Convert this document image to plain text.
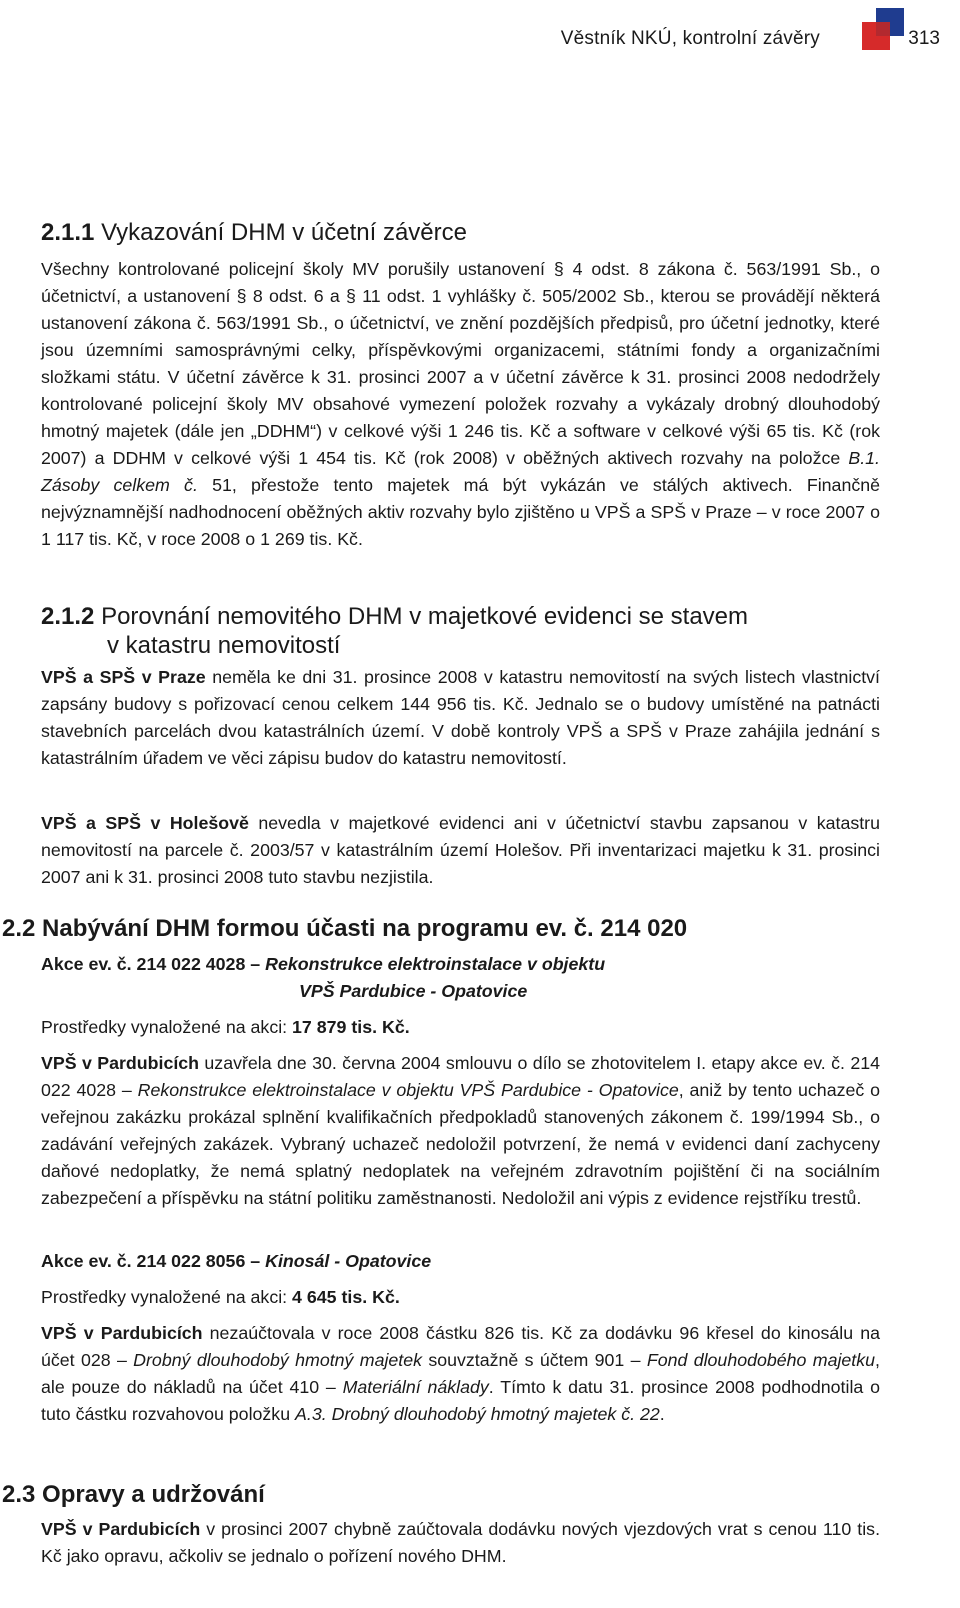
Věstník NKÚ, kontrolní závěry	313
2.1.1 Vykazování DHM v účetní závěrce

Všechny kontrolované policejní školy MV porušily ustanovení § 4 odst. 8 zákona č. 563/1991 Sb., o účetnictví, a ustanovení § 8 odst. 6 a § 11 odst. 1 vyhlášky č. 505/2002 Sb., kterou se provádějí některá ustanovení zákona č. 563/1991 Sb., o účetnictví, ve znění pozdějších předpisů, pro účetní jednotky, které jsou územními samosprávnými celky, příspěvkovými organizacemi, státními fondy a organizačními složkami státu. V účetní závěrce k 31. prosinci 2007 a v účetní závěrce k 31. prosinci 2008 nedodržely kontrolované policejní školy MV obsahové vymezení položek rozvahy a vykázaly drobný dlouhodobý hmotný majetek (dále jen „DDHM“) v celkové výši 1 246 tis. Kč a software v celkové výši 65 tis. Kč (rok 2007) a DDHM v celkové výši 1 454 tis. Kč (rok 2008) v oběžných aktivech rozvahy na položce B.1. Zásoby celkem č. 51, přestože tento majetek má být vykázán ve stálých aktivech. Finančně nejvýznamnější nadhodnocení oběžných aktiv rozvahy bylo zjištěno u VPŠ a SPŠ v Praze – v roce 2007 o 1 117 tis. Kč, v roce 2008 o 1 269 tis. Kč.

2.1.2 Porovnání nemovitého DHM v majetkové evidenci se stavem
v katastru nemovitostí

VPŠ a SPŠ v Praze neměla ke dni 31. prosince 2008 v katastru nemovitostí na svých listech vlastnictví zapsány budovy s pořizovací cenou celkem 144 956 tis. Kč. Jednalo se o budovy umístěné na patnácti stavebních parcelách dvou katastrálních území. V době kontroly VPŠ a SPŠ v Praze zahájila jednání s katastrálním úřadem ve věci zápisu budov do katastru nemovitostí.

VPŠ a SPŠ v Holešově nevedla v majetkové evidenci ani v účetnictví stavbu zapsanou v katastru nemovitostí na parcele č. 2003/57 v katastrálním území Holešov. Při inventarizaci majetku k 31. prosinci 2007 ani k 31. prosinci 2008 tuto stavbu nezjistila.

2.2 Nabývání DHM formou účasti na programu ev. č. 214 020

Akce ev. č. 214 022 4028 – Rekonstrukce elektroinstalace v objektu
VPŠ Pardubice - Opatovice

Prostředky vynaložené na akci: 17 879 tis. Kč.

VPŠ v Pardubicích uzavřela dne 30. června 2004 smlouvu o dílo se zhotovitelem I. etapy akce ev. č. 214 022 4028 – Rekonstrukce elektroinstalace v objektu VPŠ Pardubice - Opatovice, aniž by tento uchazeč o veřejnou zakázku prokázal splnění kvalifikačních předpokladů stanovených zákonem č. 199/1994 Sb., o zadávání veřejných zakázek. Vybraný uchazeč nedoložil potvrzení, že nemá v evidenci daní zachyceny daňové nedoplatky, že nemá splatný nedoplatek na veřejném zdravotním pojištění či na sociálním zabezpečení a příspěvku na státní politiku zaměstnanosti. Nedoložil ani výpis z evidence rejstříku trestů.

Akce ev. č. 214 022 8056 – Kinosál - Opatovice

Prostředky vynaložené na akci: 4 645 tis. Kč.

VPŠ v Pardubicích nezaúčtovala v roce 2008 částku 826 tis. Kč za dodávku 96 křesel do kinosálu na účet 028 – Drobný dlouhodobý hmotný majetek souvztažně s účtem 901 – Fond dlouhodobého majetku, ale pouze do nákladů na účet 410 – Materiální náklady. Tímto k datu 31. prosince 2008 podhodnotila o tuto částku rozvahovou položku A.3. Drobný dlouhodobý hmotný majetek č. 22.

2.3 Opravy a udržování

VPŠ v Pardubicích v prosinci 2007 chybně zaúčtovala dodávku nových vjezdových vrat s cenou 110 tis. Kč jako opravu, ačkoliv se jednalo o pořízení nového DHM.
